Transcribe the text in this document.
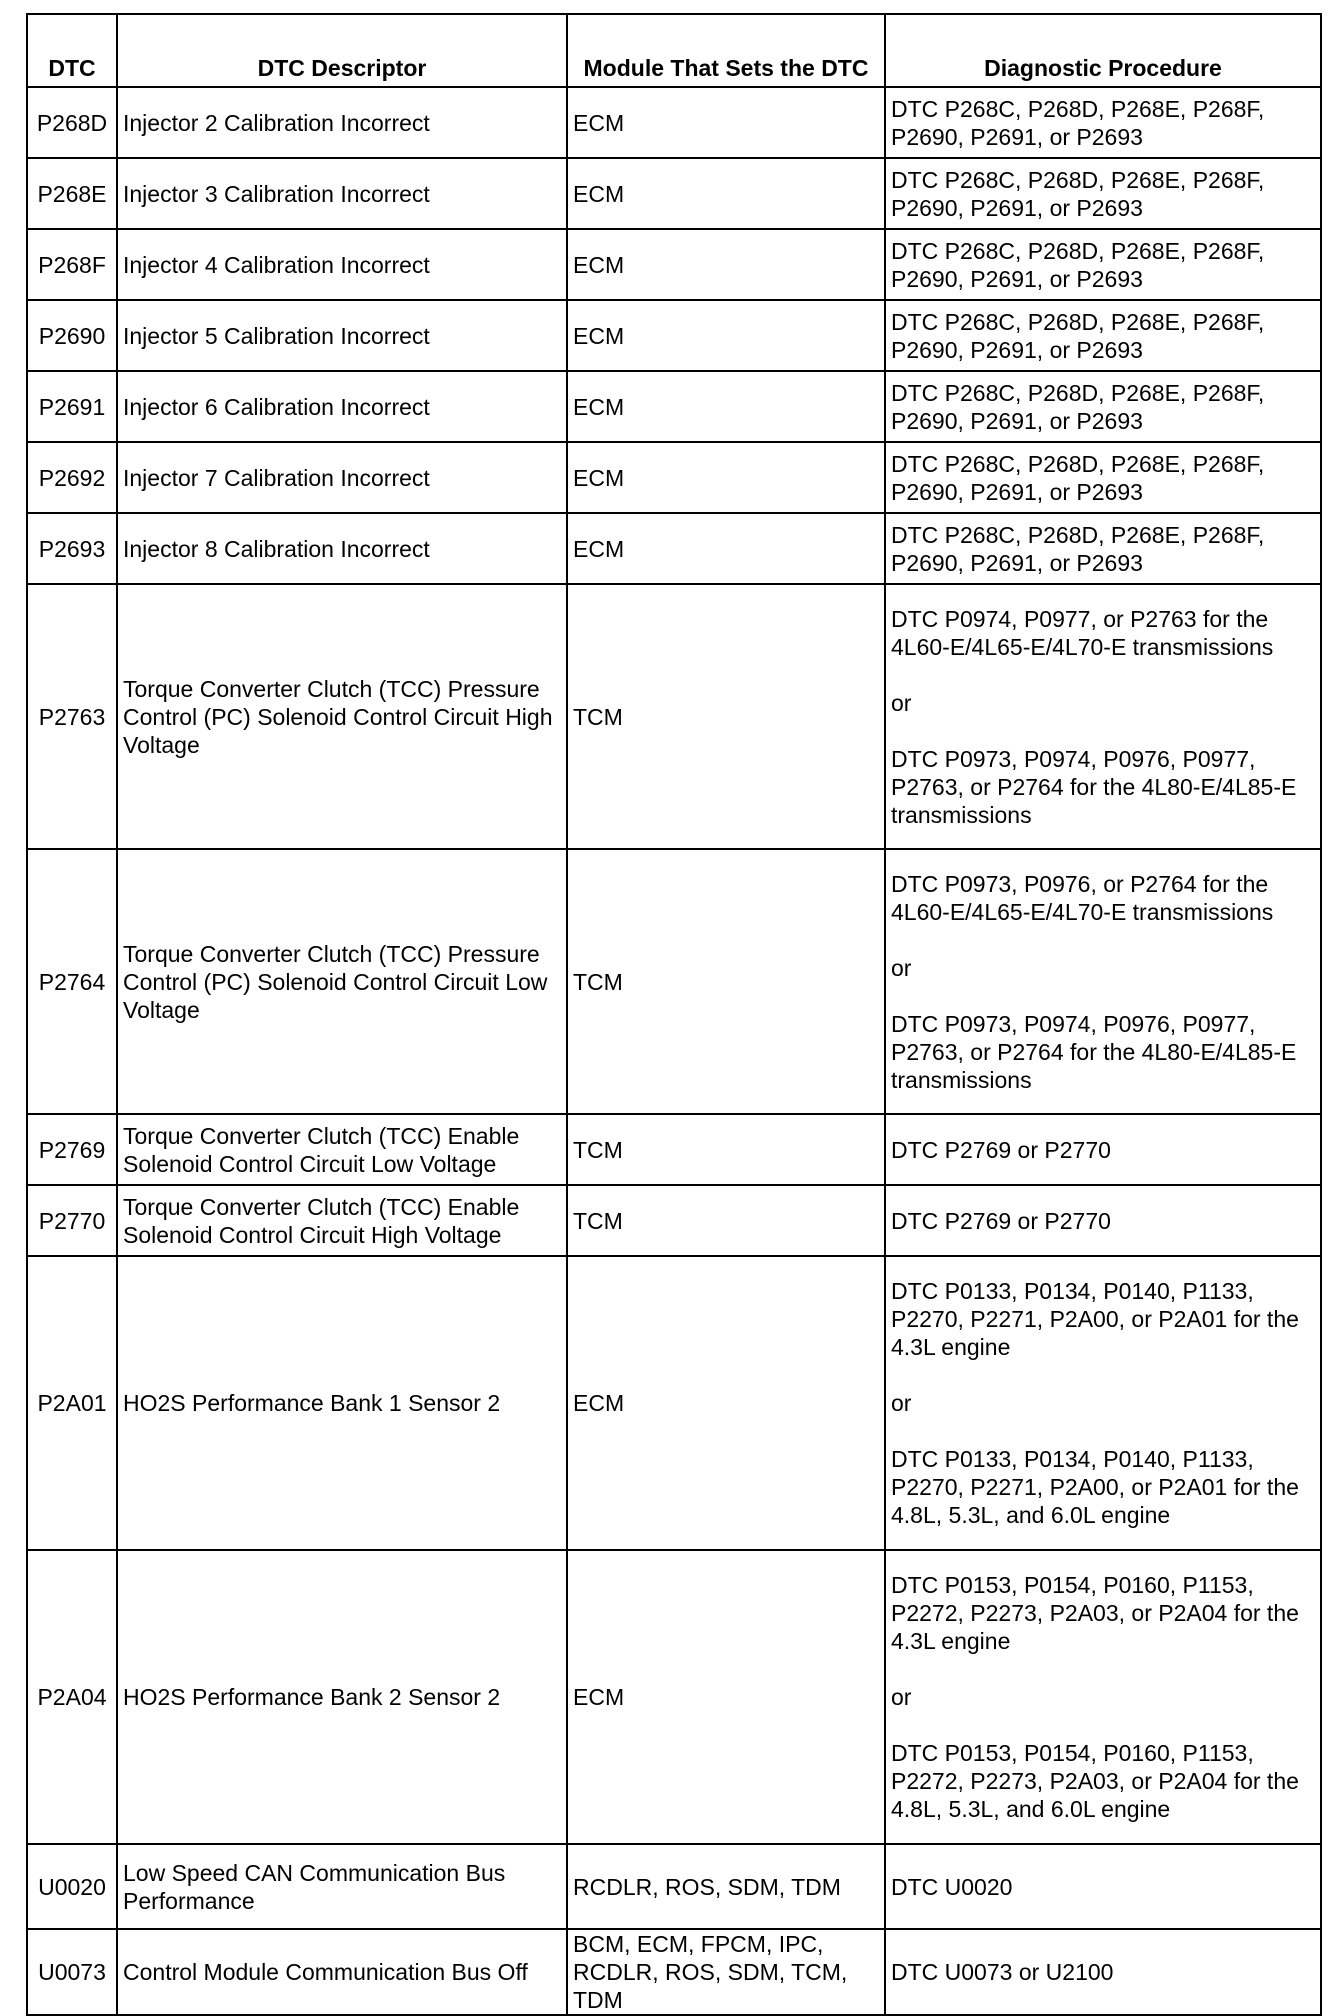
DTC	DTC Descriptor	Module That Sets the DTC	Diagnostic Procedure
P268D	Injector 2 Calibration Incorrect	ECM	DTC P268C, P268D, P268E, P268F, P2690, P2691, or P2693
P268E	Injector 3 Calibration Incorrect	ECM	DTC P268C, P268D, P268E, P268F, P2690, P2691, or P2693
P268F	Injector 4 Calibration Incorrect	ECM	DTC P268C, P268D, P268E, P268F, P2690, P2691, or P2693
P2690	Injector 5 Calibration Incorrect	ECM	DTC P268C, P268D, P268E, P268F, P2690, P2691, or P2693
P2691	Injector 6 Calibration Incorrect	ECM	DTC P268C, P268D, P268E, P268F, P2690, P2691, or P2693
P2692	Injector 7 Calibration Incorrect	ECM	DTC P268C, P268D, P268E, P268F, P2690, P2691, or P2693
P2693	Injector 8 Calibration Incorrect	ECM	DTC P268C, P268D, P268E, P268F, P2690, P2691, or P2693
P2763	Torque Converter Clutch (TCC) Pressure Control (PC) Solenoid Control Circuit High Voltage	TCM	DTC P0974, P0977, or P2763 for the 4L60-E/4L65-E/4L70-E transmissions

or

DTC P0973, P0974, P0976, P0977, P2763, or P2764 for the 4L80-E/4L85-E transmissions
P2764	Torque Converter Clutch (TCC) Pressure Control (PC) Solenoid Control Circuit Low Voltage	TCM	DTC P0973, P0976, or P2764 for the 4L60-E/4L65-E/4L70-E transmissions

or

DTC P0973, P0974, P0976, P0977, P2763, or P2764 for the 4L80-E/4L85-E transmissions
P2769	Torque Converter Clutch (TCC) Enable Solenoid Control Circuit Low Voltage	TCM	DTC P2769 or P2770
P2770	Torque Converter Clutch (TCC) Enable Solenoid Control Circuit High Voltage	TCM	DTC P2769 or P2770
P2A01	HO2S Performance Bank 1 Sensor 2	ECM	DTC P0133, P0134, P0140, P1133, P2270, P2271, P2A00, or P2A01 for the 4.3L engine

or

DTC P0133, P0134, P0140, P1133, P2270, P2271, P2A00, or P2A01 for the 4.8L, 5.3L, and 6.0L engine
P2A04	HO2S Performance Bank 2 Sensor 2	ECM	DTC P0153, P0154, P0160, P1153, P2272, P2273, P2A03, or P2A04 for the 4.3L engine

or

DTC P0153, P0154, P0160, P1153, P2272, P2273, P2A03, or P2A04 for the 4.8L, 5.3L, and 6.0L engine
U0020	Low Speed CAN Communication Bus Performance	RCDLR, ROS, SDM, TDM	DTC U0020
U0073	Control Module Communication Bus Off	BCM, ECM, FPCM, IPC, RCDLR, ROS, SDM, TCM, TDM	DTC U0073 or U2100
